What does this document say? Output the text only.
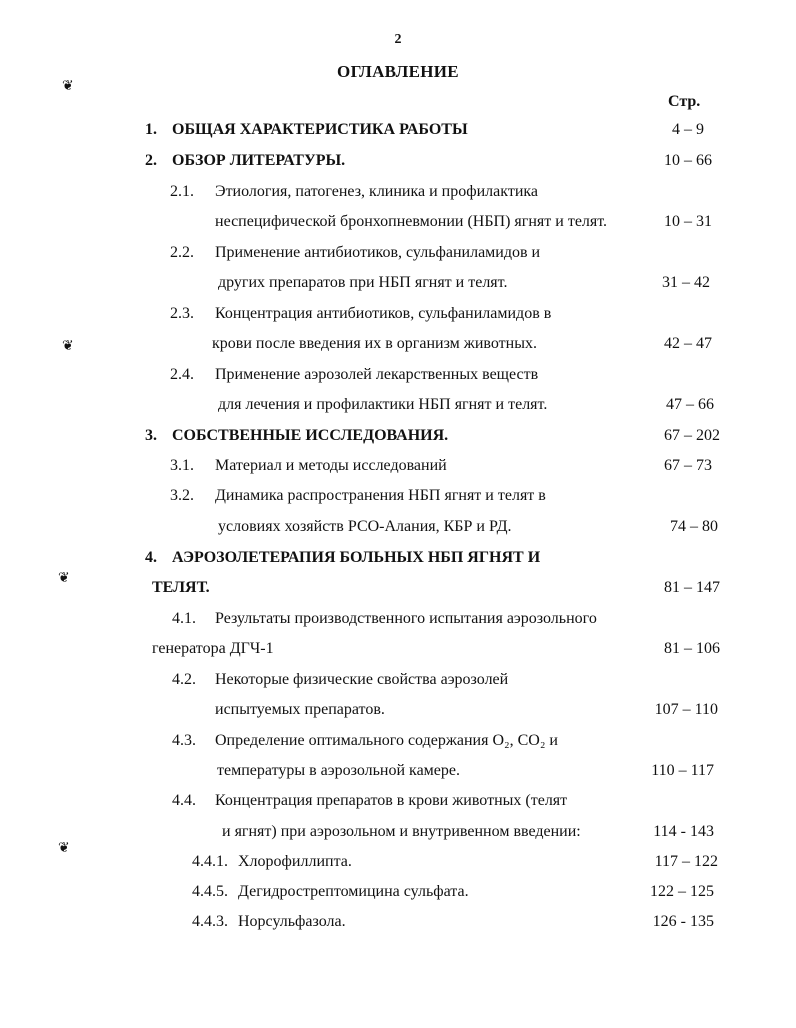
2
ОГЛАВЛЕНИЕ
Стр.
❦
❦
❦
❦
1. ОБЩАЯ ХАРАКТЕРИСТИКА РАБОТЫ	4 – 9
2. ОБЗОР ЛИТЕРАТУРЫ.	10 – 66
2.1. Этиология, патогенез, клиника и профилактика
неспецифической бронхопневмонии (НБП) ягнят и телят.	10 – 31
2.2. Применение антибиотиков, сульфаниламидов и
других препаратов при НБП ягнят и телят.	31 – 42
2.3. Концентрация антибиотиков, сульфаниламидов в
крови после введения их в организм животных.	42 – 47
2.4. Применение аэрозолей лекарственных веществ
для лечения и профилактики НБП ягнят и телят.	47 – 66
3. СОБСТВЕННЫЕ ИССЛЕДОВАНИЯ.	67 – 202
3.1. Материал и методы исследований	67 – 73
3.2. Динамика распространения НБП ягнят и телят в
условиях хозяйств РСО-Алания, КБР и РД.	74 – 80
4. АЭРОЗОЛЕТЕРАПИЯ БОЛЬНЫХ НБП ЯГНЯТ И
ТЕЛЯТ.	81 – 147
4.1. Результаты производственного испытания аэрозольного
генератора ДГЧ-1	81 – 106
4.2. Некоторые физические свойства аэрозолей
испытуемых препаратов.	107 – 110
4.3. Определение оптимального содержания О₂, СО₂ и
температуры в аэрозольной камере.	110 – 117
4.4. Концентрация препаратов в крови животных (телят
и ягнят) при аэрозольном и внутривенном введении:	114 - 143
4.4.1. Хлорофиллипта.	117 – 122
4.4.5. Дегидрострептомицина сульфата.	122 – 125
4.4.3. Норсульфазола.	126 - 135
